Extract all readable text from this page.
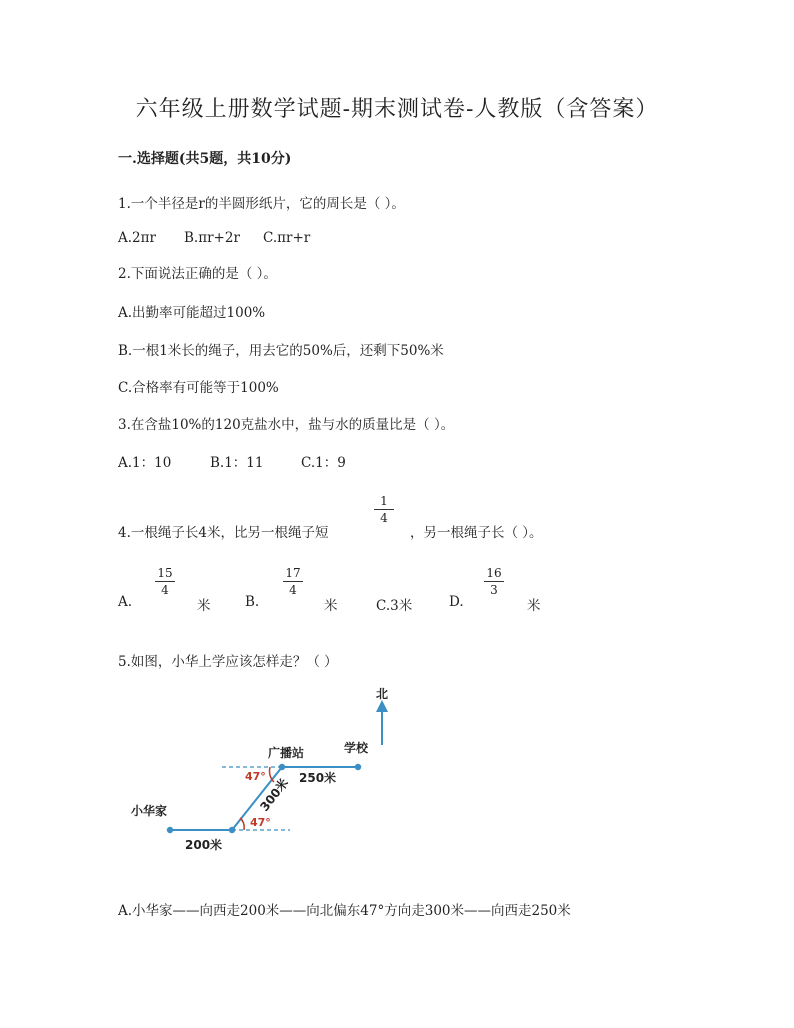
六年级上册数学试题-期末测试卷-人教版（含答案）
一.选择题(共5题，共10分)
1.一个半径是r的半圆形纸片，它的周长是（ ）。
A.2πr B.πr+2r C.πr+r
2.下面说法正确的是（ ）。
A.出勤率可能超过100%
B.一根1米长的绳子，用去它的50%后，还剩下50%米
C.合格率有可能等于100%
3.在含盐10%的120克盐水中，盐与水的质量比是（ ）。
A.1：10	B.1：11	C.1：9
4.一根绳子长4米，比另一根绳子短
1
4
，另一根绳子长（ ）。
A.
15
4
米	B.
17
4
米	C.3米	D.
16
3
米
5.如图，小华上学应该怎样走？（ ）
北
广播站	学校
小华家
200米
250米
300米
47°
47°
A.小华家——向西走200米——向北偏东47°方向走300米——向西走250米
